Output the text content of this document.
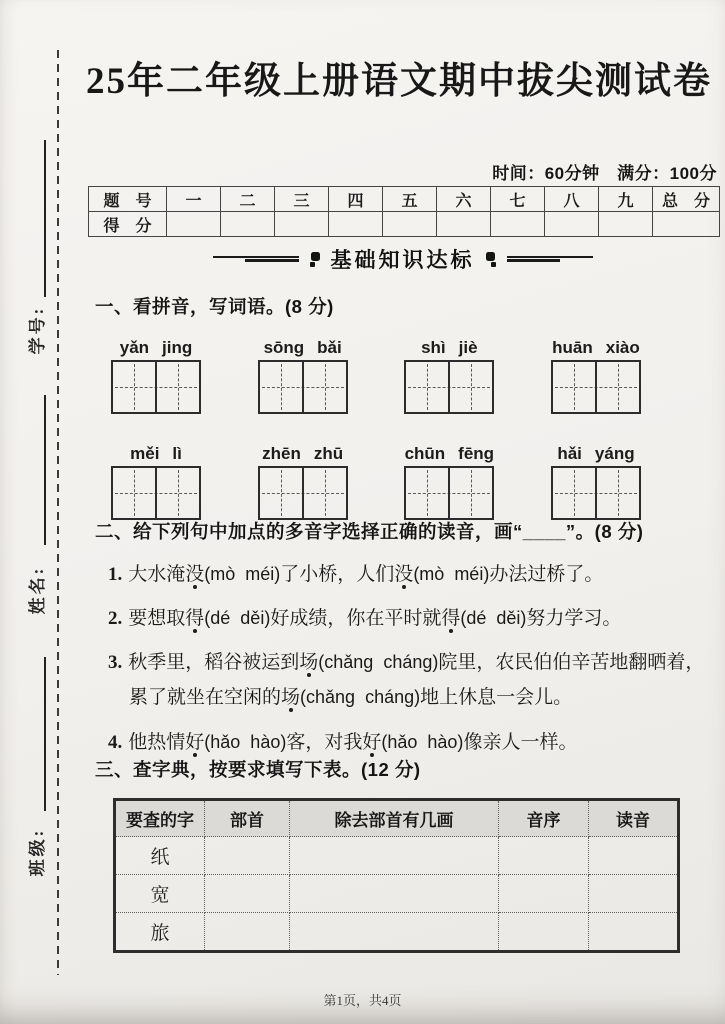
学号:
姓名:
班级:
25年二年级上册语文期中拔尖测试卷
时间：60分钟　满分：100分
题　号	一	二	三	四	五	六	七	八	九	总　分
得　分										
基础知识达标
一、看拼音，写词语。(8 分)
yǎn jing	sōng bǎi	shì jiè	huān xiào
měi lì	zhēn zhū	chūn fēng	hǎi yáng
二、给下列句中加点的多音字选择正确的读音，画“____”。(8 分)
1. 大水淹没(mò  méi)了小桥，人们没(mò  méi)办法过桥了。
2. 要想取得(dé  děi)好成绩，你在平时就得(dé  děi)努力学习。
3. 秋季里，稻谷被运到场(chǎng  cháng)院里，农民伯伯辛苦地翻晒着，累了就坐在空闲的场(chǎng  cháng)地上休息一会儿。
4. 他热情好(hǎo  hào)客，对我好(hǎo  hào)像亲人一样。
三、查字典，按要求填写下表。(12 分)
要查的字	部首	除去部首有几画	音序	读音
纸				
宽				
旅				
第1页，共4页
